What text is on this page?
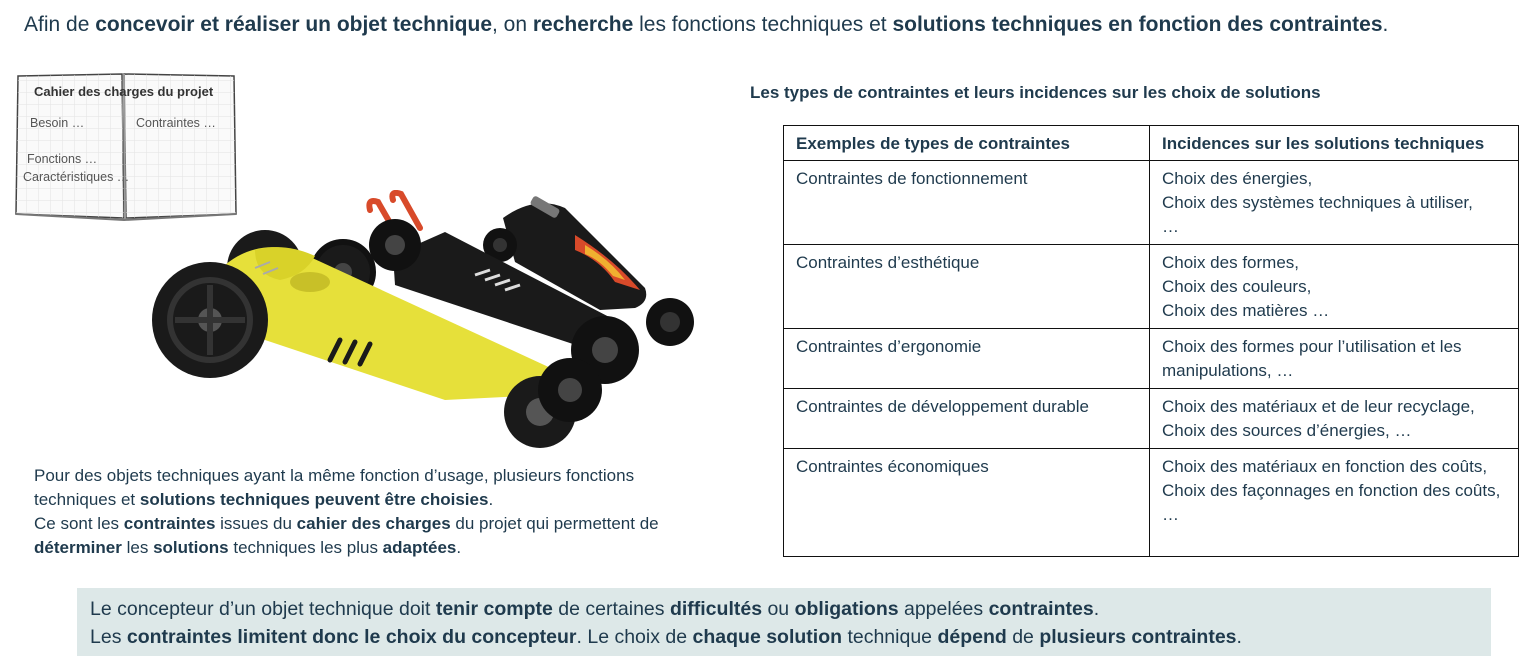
Afin de concevoir et réaliser un objet technique, on recherche les fonctions techniques et solutions techniques en fonction des contraintes.
Cahier des charges du projet
Besoin …	Contraintes …
Fonctions …
Caractéristiques …
Pour des objets techniques ayant la même fonction d’usage, plusieurs fonctions techniques et solutions techniques peuvent être choisies.
Ce sont les contraintes issues du cahier des charges du projet qui permettent de déterminer les solutions techniques les plus adaptées.
Les types de contraintes et leurs incidences sur les choix de solutions
Exemples de types de contraintes	Incidences sur les solutions techniques
Contraintes de fonctionnement	Choix des énergies,
Choix des systèmes techniques à utiliser,
…

Contraintes d’esthétique	Choix des formes,
Choix des couleurs,
Choix des matières …

Contraintes d’ergonomie	Choix des formes pour l’utilisation et les manipulations, …

Contraintes de développement durable	Choix des matériaux et de leur recyclage,
Choix des sources d’énergies, …

Contraintes économiques	Choix des matériaux en fonction des coûts,
Choix des façonnages en fonction des coûts, …
Le concepteur d’un objet technique doit tenir compte de certaines difficultés ou obligations appelées contraintes.
Les contraintes limitent donc le choix du concepteur. Le choix de chaque solution technique dépend de plusieurs contraintes.
